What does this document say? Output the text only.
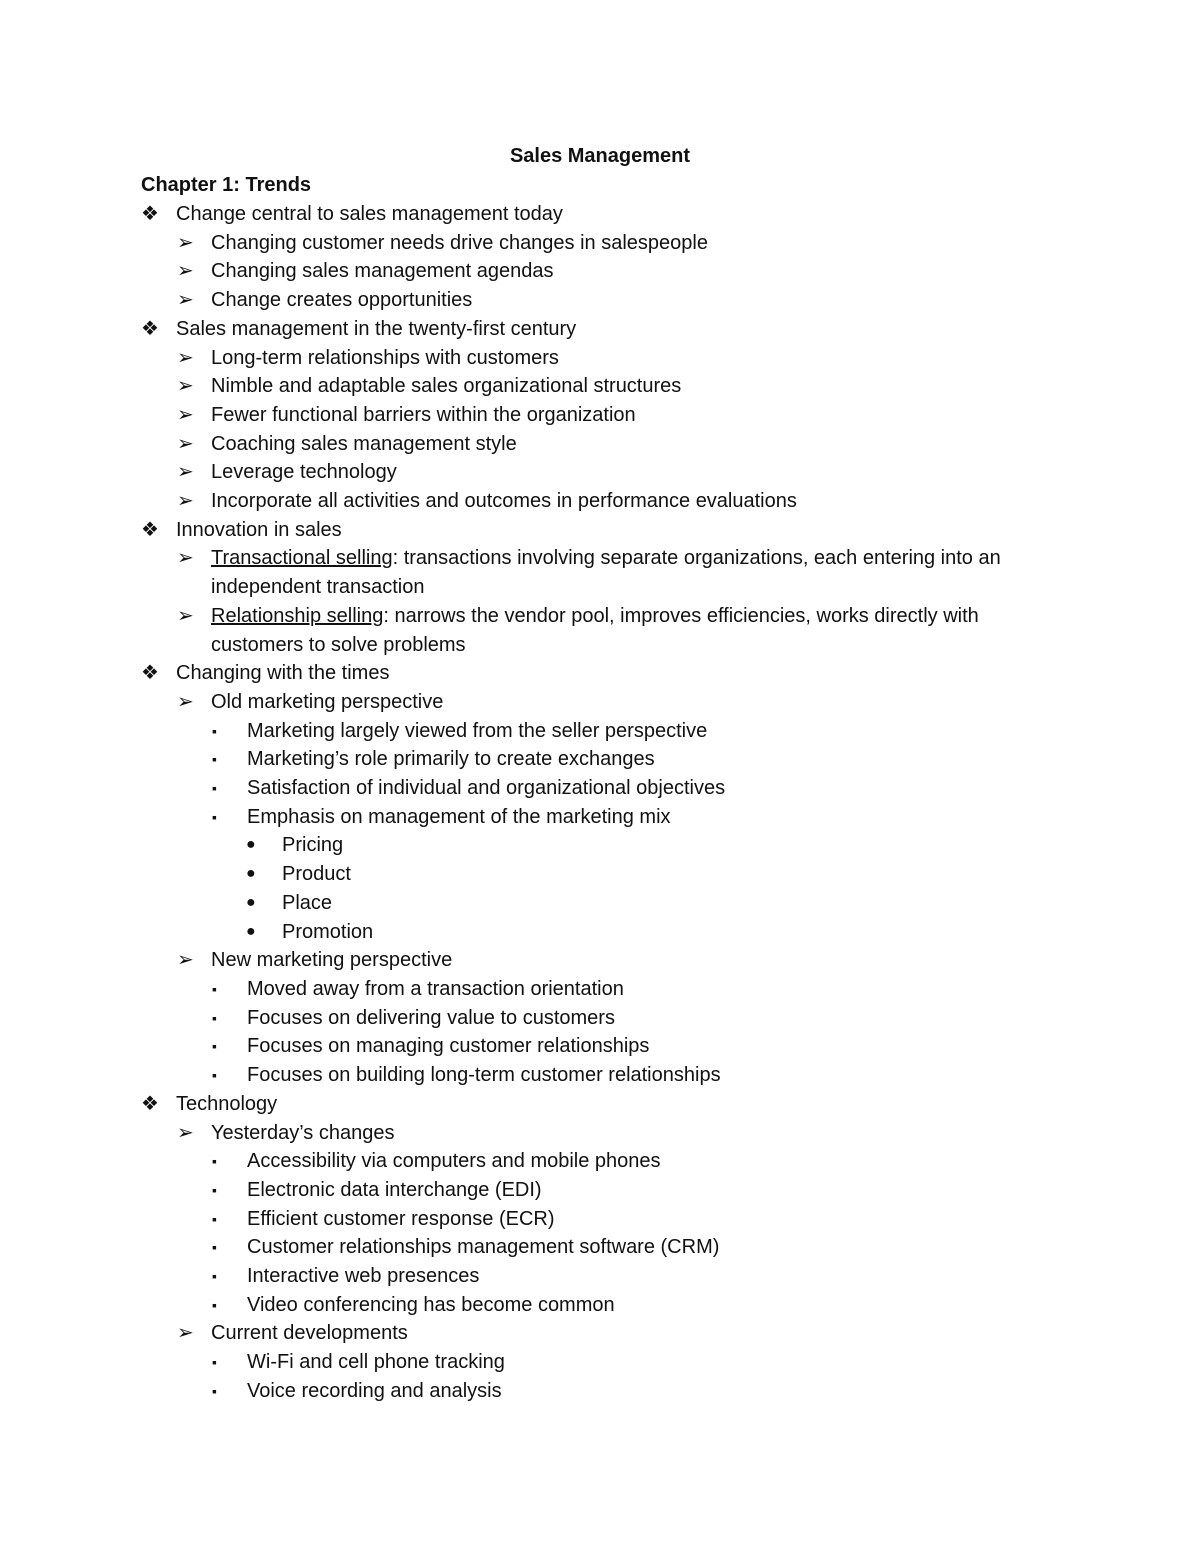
Sales Management
Chapter 1: Trends
❖ Change central to sales management today
➢ Changing customer needs drive changes in salespeople
➢ Changing sales management agendas
➢ Change creates opportunities
❖ Sales management in the twenty-first century
➢ Long-term relationships with customers
➢ Nimble and adaptable sales organizational structures
➢ Fewer functional barriers within the organization
➢ Coaching sales management style
➢ Leverage technology
➢ Incorporate all activities and outcomes in performance evaluations
❖ Innovation in sales
➢ Transactional selling: transactions involving separate organizations, each entering into an independent transaction
➢ Relationship selling: narrows the vendor pool, improves efficiencies, works directly with customers to solve problems
❖ Changing with the times
➢ Old marketing perspective
▪	Marketing largely viewed from the seller perspective
▪	Marketing’s role primarily to create exchanges
▪	Satisfaction of individual and organizational objectives
▪	Emphasis on management of the marketing mix
●	Pricing
●	Product
●	Place
●	Promotion
➢ New marketing perspective
▪	Moved away from a transaction orientation
▪	Focuses on delivering value to customers
▪	Focuses on managing customer relationships
▪	Focuses on building long-term customer relationships
❖ Technology
➢ Yesterday’s changes
▪	Accessibility via computers and mobile phones
▪	Electronic data interchange (EDI)
▪	Efficient customer response (ECR)
▪	Customer relationships management software (CRM)
▪	Interactive web presences
▪	Video conferencing has become common
➢ Current developments
▪	Wi-Fi and cell phone tracking
▪	Voice recording and analysis
